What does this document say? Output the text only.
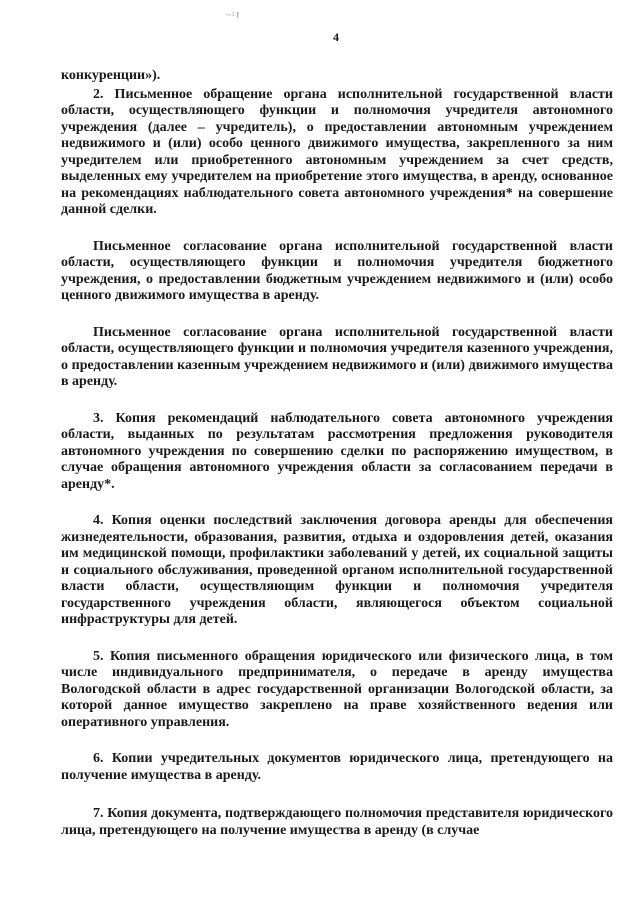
~²ℓ
4

конкуренции»).

2. Письменное обращение органа исполнительной государственной власти области, осуществляющего функции и полномочия учредителя автономного учреждения (далее – учредитель), о предоставлении автономным учреждением недвижимого и (или) особо ценного движимого имущества, закрепленного за ним учредителем или приобретенного автономным учреждением за счет средств, выделенных ему учредителем на приобретение этого имущества, в аренду, основанное на рекомендациях наблюдательного совета автономного учреждения* на совершение данной сделки.

Письменное согласование органа исполнительной государственной власти области, осуществляющего функции и полномочия учредителя бюджетного учреждения, о предоставлении бюджетным учреждением недвижимого и (или) особо ценного движимого имущества в аренду.

Письменное согласование органа исполнительной государственной власти области, осуществляющего функции и полномочия учредителя казенного учреждения, о предоставлении казенным учреждением недвижимого и (или) движимого имущества в аренду.

3. Копия рекомендаций наблюдательного совета автономного учреждения области, выданных по результатам рассмотрения предложения руководителя автономного учреждения по совершению сделки по распоряжению имуществом, в случае обращения автономного учреждения области за согласованием передачи в аренду*.

4. Копия оценки последствий заключения договора аренды для обеспечения жизнедеятельности, образования, развития, отдыха и оздоровления детей, оказания им медицинской помощи, профилактики заболеваний у детей, их социальной защиты и социального обслуживания, проведенной органом исполнительной государственной власти области, осуществляющим функции и полномочия учредителя государственного учреждения области, являющегося объектом социальной инфраструктуры для детей.

5. Копия письменного обращения юридического или физического лица, в том числе индивидуального предпринимателя, о передаче в аренду имущества Вологодской области в адрес государственной организации Вологодской области, за которой данное имущество закреплено на праве хозяйственного ведения или оперативного управления.

6. Копии учредительных документов юридического лица, претендующего на получение имущества в аренду.

7. Копия документа, подтверждающего полномочия представителя юридического лица, претендующего на получение имущества в аренду (в случае
